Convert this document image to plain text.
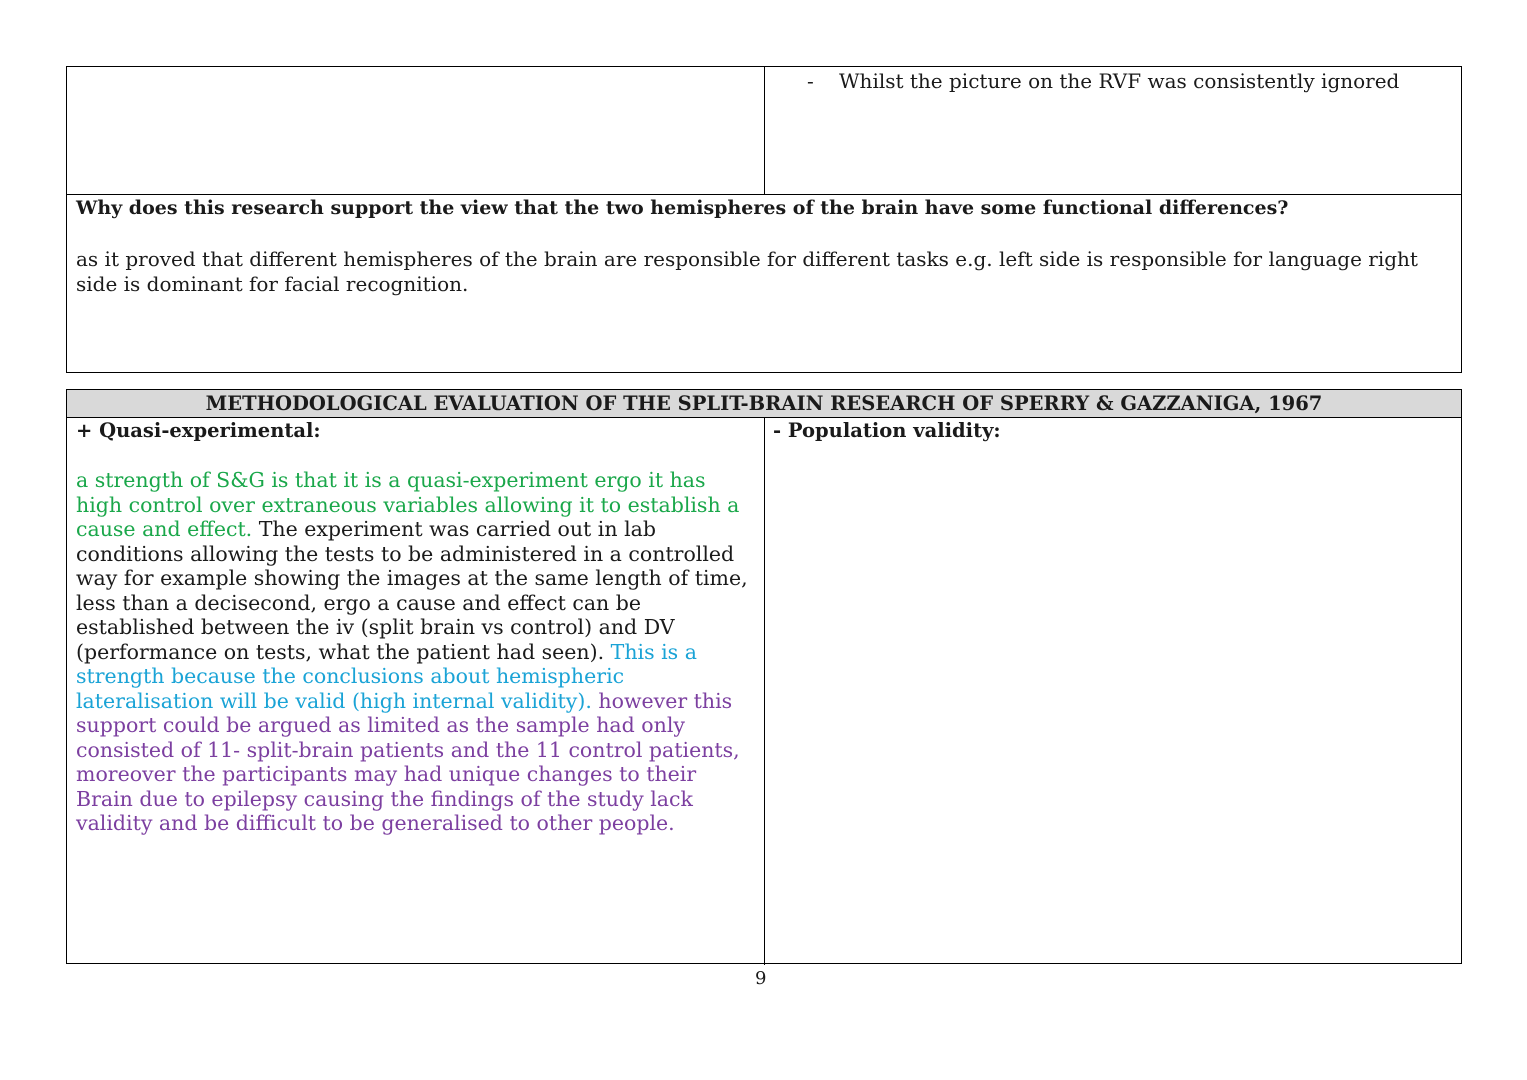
- Whilst the picture on the RVF was consistently ignored
Why does this research support the view that the two hemispheres of the brain have some functional differences?
as it proved that different hemispheres of the brain are responsible for different tasks e.g. left side is responsible for language right side is dominant for facial recognition.
METHODOLOGICAL EVALUATION OF THE SPLIT-BRAIN RESEARCH OF SPERRY & GAZZANIGA, 1967
+ Quasi-experimental:	- Population validity:
a strength of S&G is that it is a quasi-experiment ergo it has high control over extraneous variables allowing it to establish a cause and effect. The experiment was carried out in lab conditions allowing the tests to be administered in a controlled way for example showing the images at the same length of time, less than a decisecond, ergo a cause and effect can be established between the iv (split brain vs control) and DV (performance on tests, what the patient had seen). This is a strength because the conclusions about hemispheric lateralisation will be valid (high internal validity). however this support could be argued as limited as the sample had only consisted of 11- split-brain patients and the 11 control patients, moreover the participants may had unique changes to their Brain due to epilepsy causing the findings of the study lack validity and be difficult to be generalised to other people.
9
